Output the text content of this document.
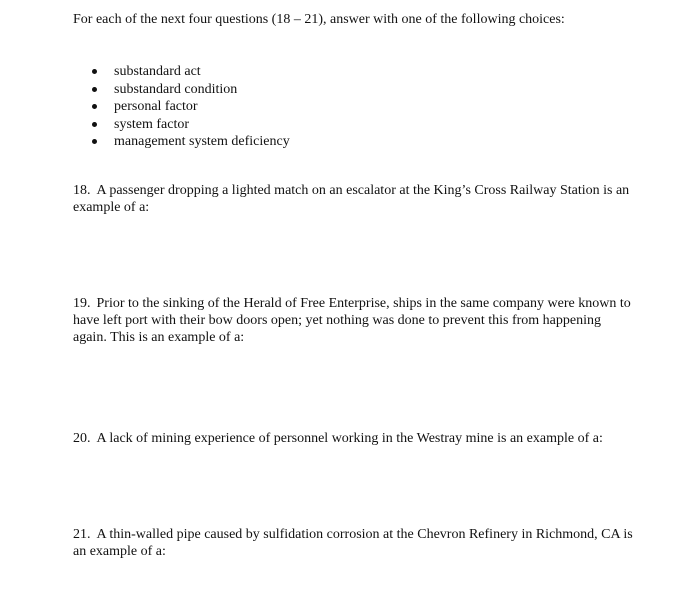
For each of the next four questions (18 – 21), answer with one of the following choices:

substandard act
substandard condition
personal factor
system factor
management system deficiency

18. A passenger dropping a lighted match on an escalator at the King’s Cross Railway Station is an example of a:

19. Prior to the sinking of the Herald of Free Enterprise, ships in the same company were known to have left port with their bow doors open; yet nothing was done to prevent this from happening again. This is an example of a:

20. A lack of mining experience of personnel working in the Westray mine is an example of a:

21. A thin-walled pipe caused by sulfidation corrosion at the Chevron Refinery in Richmond, CA is an example of a:
